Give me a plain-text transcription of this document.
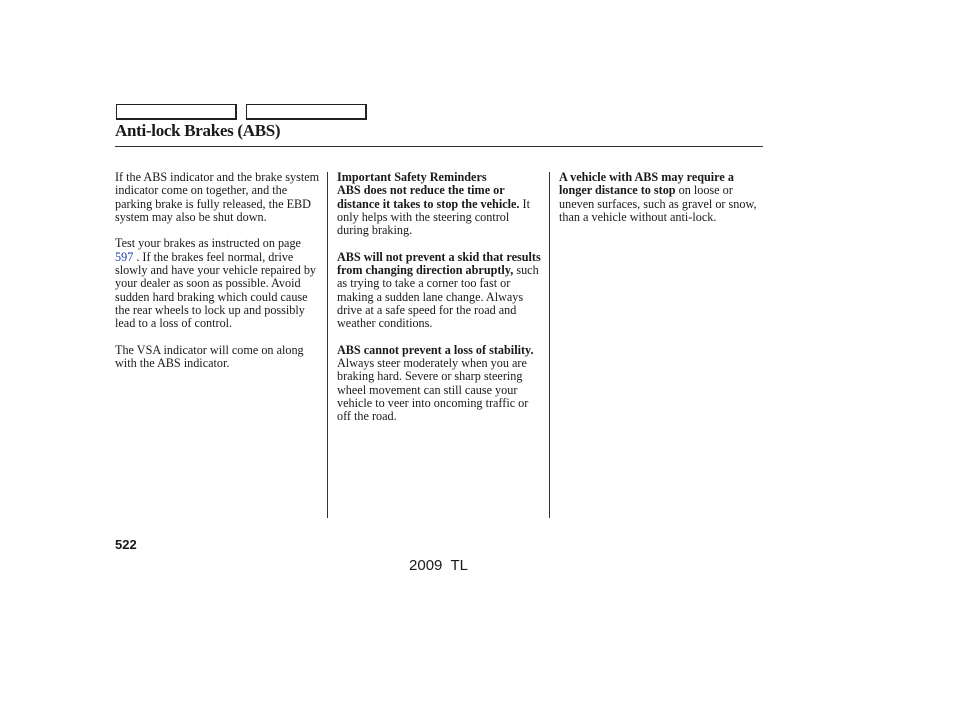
Anti-lock Brakes (ABS)

If the ABS indicator and the brake system indicator come on together, and the parking brake is fully released, the EBD system may also be shut down.

Test your brakes as instructed on page 597 . If the brakes feel normal, drive slowly and have your vehicle repaired by your dealer as soon as possible. Avoid sudden hard braking which could cause the rear wheels to lock up and possibly lead to a loss of control.

The VSA indicator will come on along with the ABS indicator.

Important Safety Reminders

ABS does not reduce the time or distance it takes to stop the vehicle. It only helps with the steering control during braking.

ABS will not prevent a skid that results from changing direction abruptly, such as trying to take a corner too fast or making a sudden lane change. Always drive at a safe speed for the road and weather conditions.

ABS cannot prevent a loss of stability. Always steer moderately when you are braking hard. Severe or sharp steering wheel movement can still cause your vehicle to veer into oncoming traffic or off the road.

A vehicle with ABS may require a longer distance to stop on loose or uneven surfaces, such as gravel or snow, than a vehicle without anti-lock.

522
2009  TL
